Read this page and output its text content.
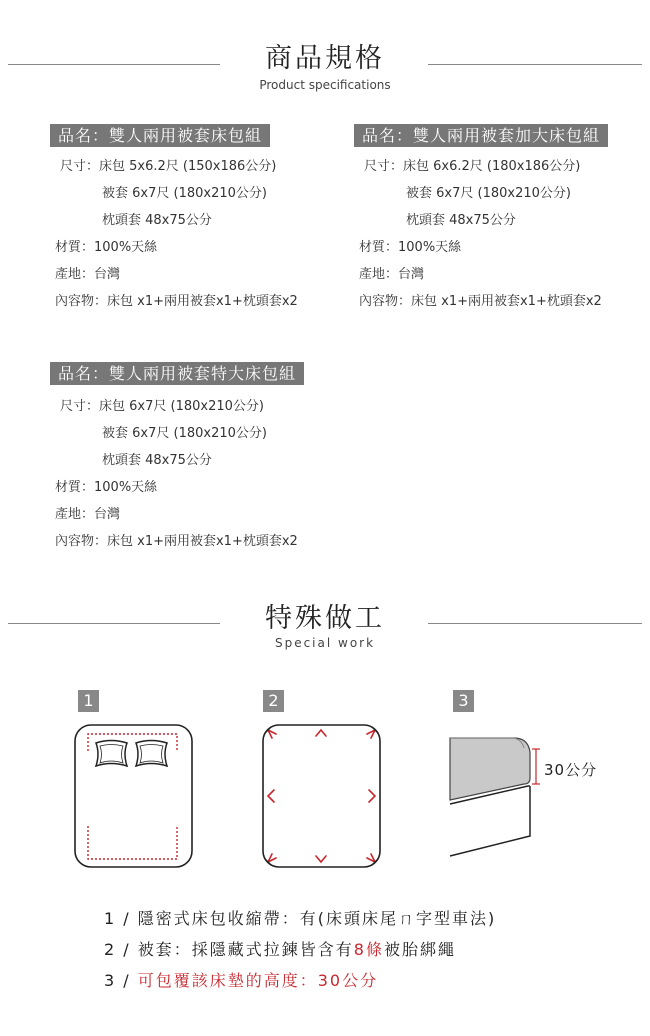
商品規格
Product specifications
品名：雙人兩用被套床包組
尺寸：床包 5x6.2尺 (150x186公分)
被套 6x7尺 (180x210公分)
枕頭套 48x75公分
材質：100%天絲
產地：台灣
內容物：床包 x1+兩用被套x1+枕頭套x2
品名：雙人兩用被套加大床包組
尺寸：床包 6x6.2尺 (180x186公分)
被套 6x7尺 (180x210公分)
枕頭套 48x75公分
材質：100%天絲
產地：台灣
內容物：床包 x1+兩用被套x1+枕頭套x2
品名：雙人兩用被套特大床包組
尺寸：床包 6x7尺 (180x210公分)
被套 6x7尺 (180x210公分)
枕頭套 48x75公分
材質：100%天絲
產地：台灣
內容物：床包 x1+兩用被套x1+枕頭套x2
特殊做工
Special work
1	2	3
30公分
1 / 隱密式床包收縮帶：有(床頭床尾ㄇ字型車法)
2 / 被套：採隱藏式拉鍊皆含有8條被胎綁繩
3 / 可包覆該床墊的高度：30公分
